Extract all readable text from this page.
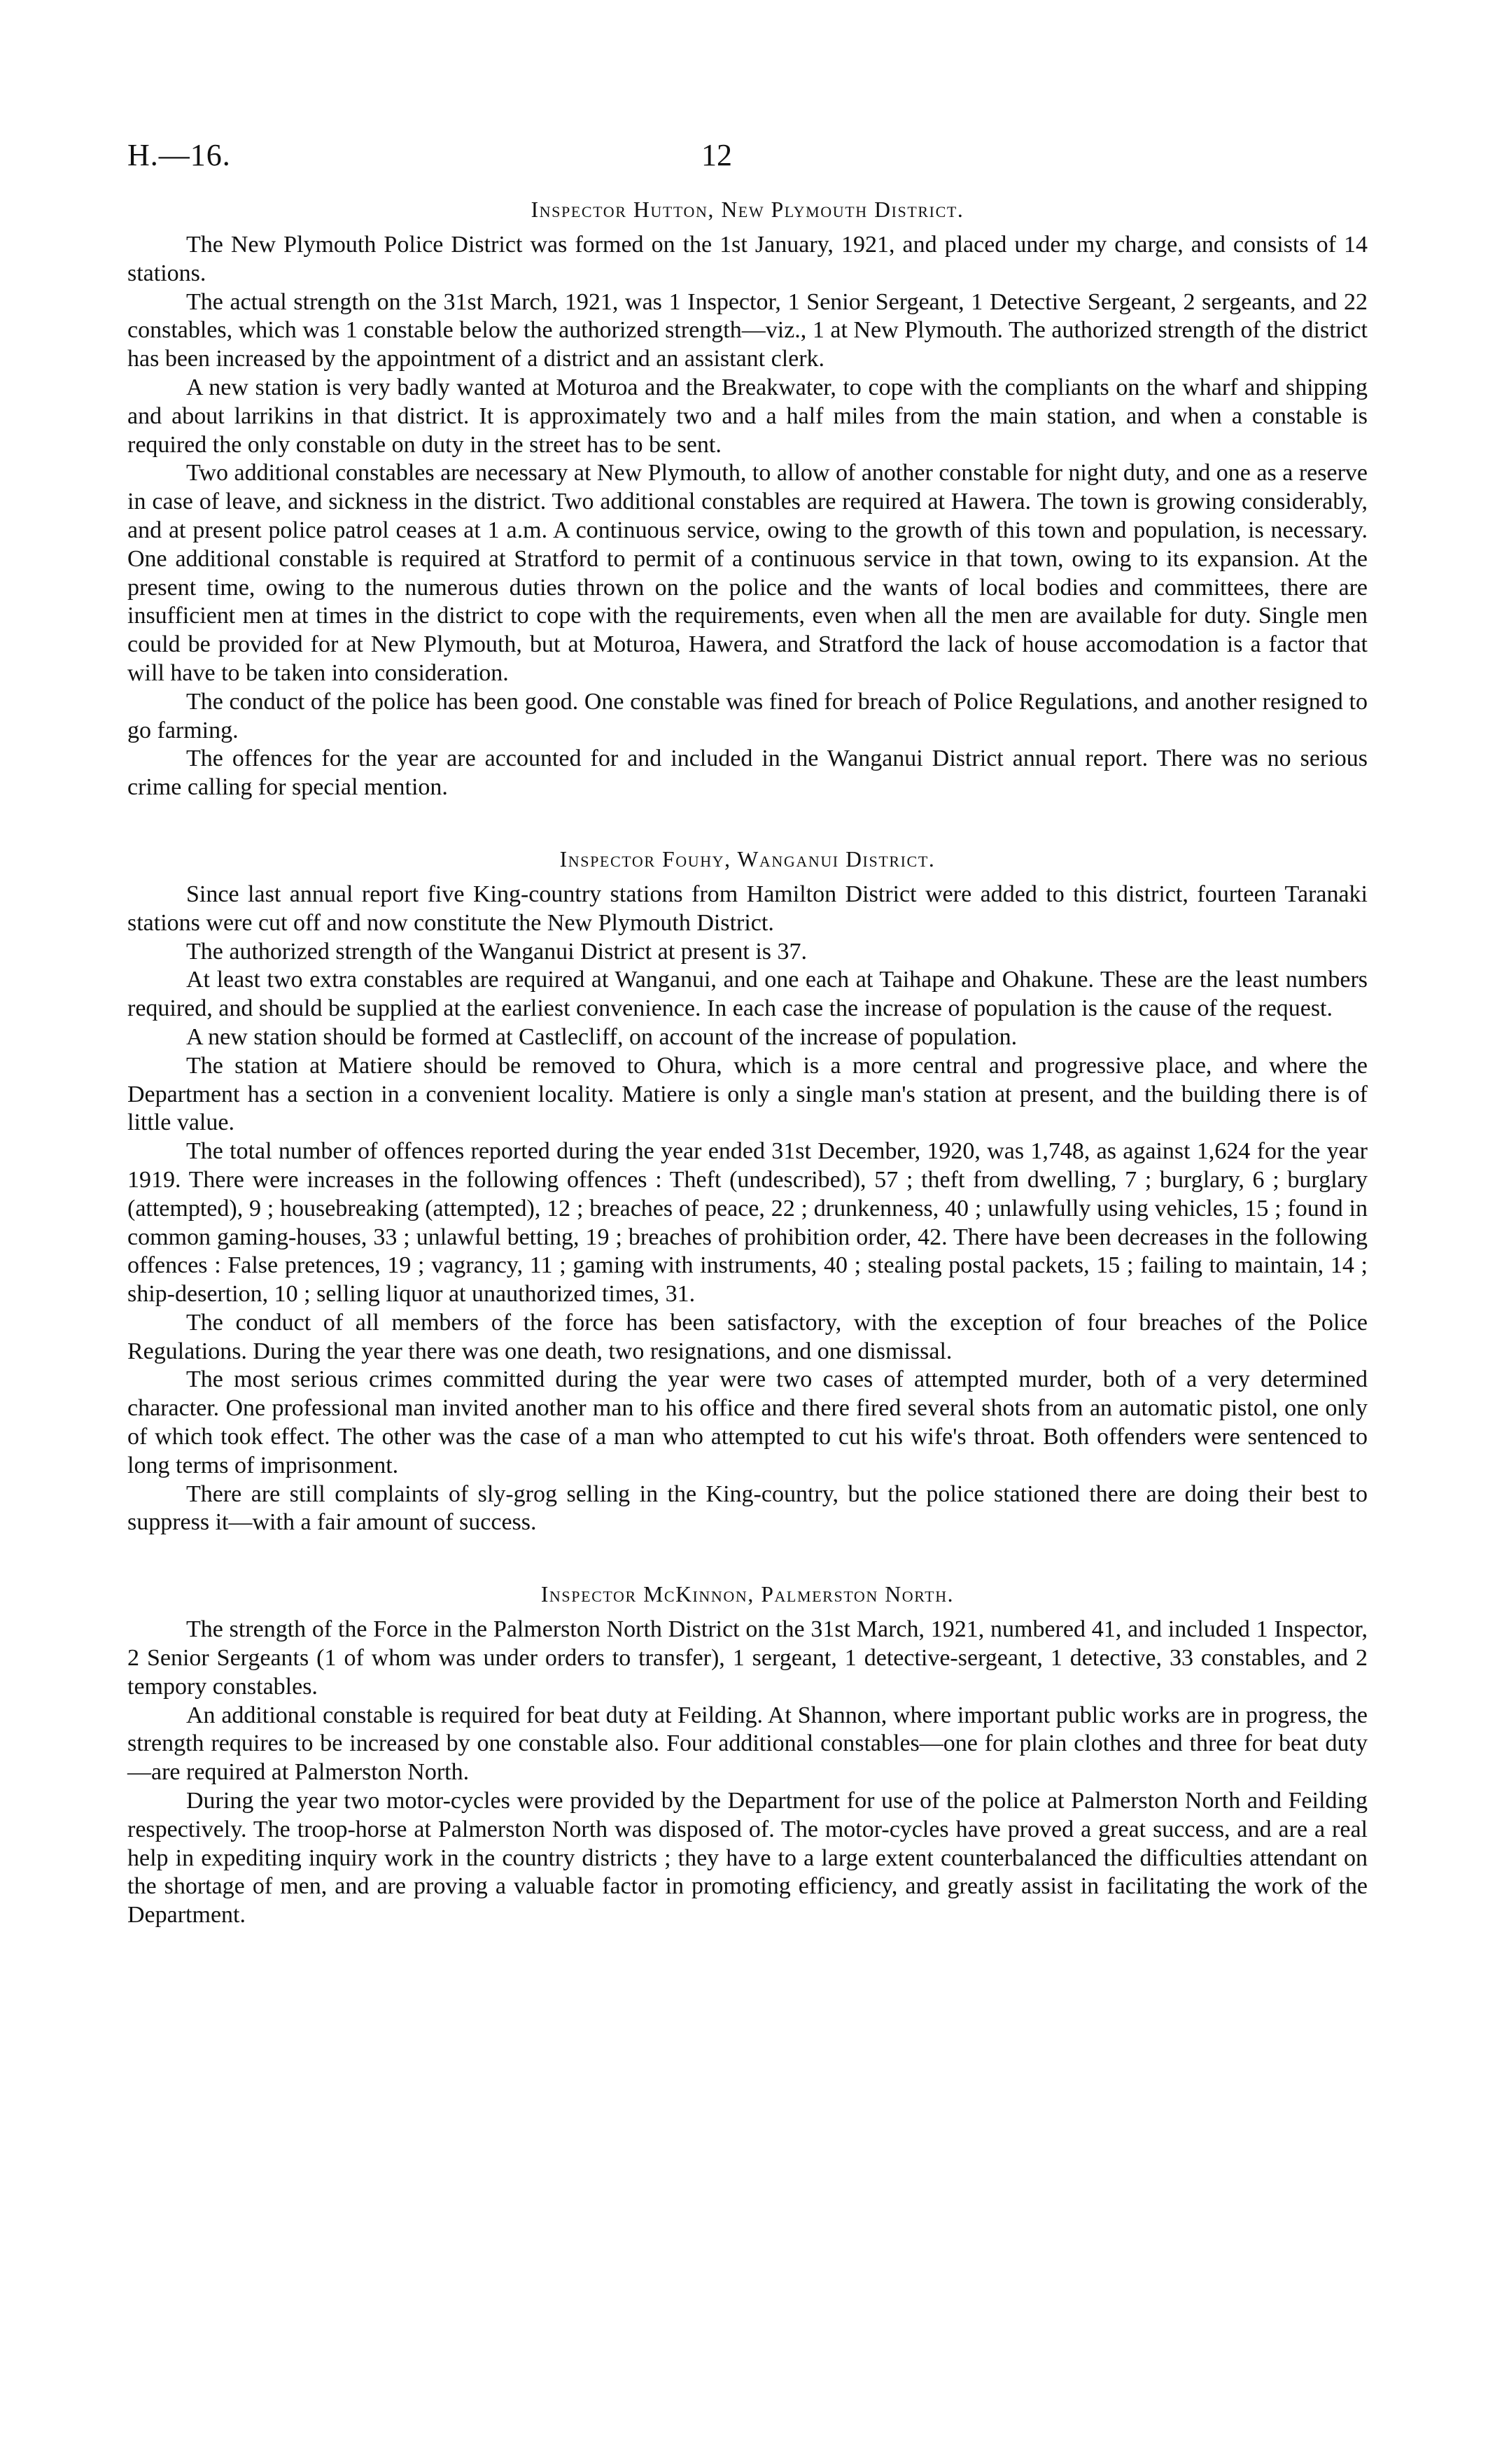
H.—16.	12
Inspector Hutton, New Plymouth District.

The New Plymouth Police District was formed on the 1st January, 1921, and placed under my charge, and consists of 14 stations.

The actual strength on the 31st March, 1921, was 1 Inspector, 1 Senior Sergeant, 1 Detective Sergeant, 2 sergeants, and 22 constables, which was 1 constable below the authorized strength—viz., 1 at New Plymouth. The authorized strength of the district has been increased by the appointment of a district and an assistant clerk.

A new station is very badly wanted at Moturoa and the Breakwater, to cope with the compliants on the wharf and shipping and about larrikins in that district. It is approximately two and a half miles from the main station, and when a constable is required the only constable on duty in the street has to be sent.

Two additional constables are necessary at New Plymouth, to allow of another constable for night duty, and one as a reserve in case of leave, and sickness in the district. Two additional constables are required at Hawera. The town is growing considerably, and at present police patrol ceases at 1 a.m. A continuous service, owing to the growth of this town and population, is necessary. One additional constable is required at Stratford to permit of a continuous service in that town, owing to its expansion. At the present time, owing to the numerous duties thrown on the police and the wants of local bodies and committees, there are insufficient men at times in the district to cope with the requirements, even when all the men are available for duty. Single men could be provided for at New Plymouth, but at Moturoa, Hawera, and Stratford the lack of house accomodation is a factor that will have to be taken into consideration.

The conduct of the police has been good. One constable was fined for breach of Police Regulations, and another resigned to go farming.

The offences for the year are accounted for and included in the Wanganui District annual report. There was no serious crime calling for special mention.

Inspector Fouhy, Wanganui District.

Since last annual report five King-country stations from Hamilton District were added to this district, fourteen Taranaki stations were cut off and now constitute the New Plymouth District.

The authorized strength of the Wanganui District at present is 37.

At least two extra constables are required at Wanganui, and one each at Taihape and Ohakune. These are the least numbers required, and should be supplied at the earliest convenience. In each case the increase of population is the cause of the request.

A new station should be formed at Castlecliff, on account of the increase of population.

The station at Matiere should be removed to Ohura, which is a more central and progressive place, and where the Department has a section in a convenient locality. Matiere is only a single man's station at present, and the building there is of little value.

The total number of offences reported during the year ended 31st December, 1920, was 1,748, as against 1,624 for the year 1919. There were increases in the following offences : Theft (undescribed), 57 ; theft from dwelling, 7 ; burglary, 6 ; burglary (attempted), 9 ; housebreaking (attempted), 12 ; breaches of peace, 22 ; drunkenness, 40 ; unlawfully using vehicles, 15 ; found in common gaming-houses, 33 ; unlawful betting, 19 ; breaches of prohibition order, 42. There have been decreases in the following offences : False pretences, 19 ; vagrancy, 11 ; gaming with instruments, 40 ; stealing postal packets, 15 ; failing to maintain, 14 ; ship-desertion, 10 ; selling liquor at unauthorized times, 31.

The conduct of all members of the force has been satisfactory, with the exception of four breaches of the Police Regulations. During the year there was one death, two resignations, and one dismissal.

The most serious crimes committed during the year were two cases of attempted murder, both of a very determined character. One professional man invited another man to his office and there fired several shots from an automatic pistol, one only of which took effect. The other was the case of a man who attempted to cut his wife's throat. Both offenders were sentenced to long terms of imprisonment.

There are still complaints of sly-grog selling in the King-country, but the police stationed there are doing their best to suppress it—with a fair amount of success.

Inspector McKinnon, Palmerston North.

The strength of the Force in the Palmerston North District on the 31st March, 1921, numbered 41, and included 1 Inspector, 2 Senior Sergeants (1 of whom was under orders to transfer), 1 sergeant, 1 detective-sergeant, 1 detective, 33 constables, and 2 tempory constables.

An additional constable is required for beat duty at Feilding. At Shannon, where important public works are in progress, the strength requires to be increased by one constable also. Four additional constables—one for plain clothes and three for beat duty—are required at Palmerston North.

During the year two motor-cycles were provided by the Department for use of the police at Palmerston North and Feilding respectively. The troop-horse at Palmerston North was disposed of. The motor-cycles have proved a great success, and are a real help in expediting inquiry work in the country districts ; they have to a large extent counterbalanced the difficulties attendant on the shortage of men, and are proving a valuable factor in promoting efficiency, and greatly assist in facilitating the work of the Department.
